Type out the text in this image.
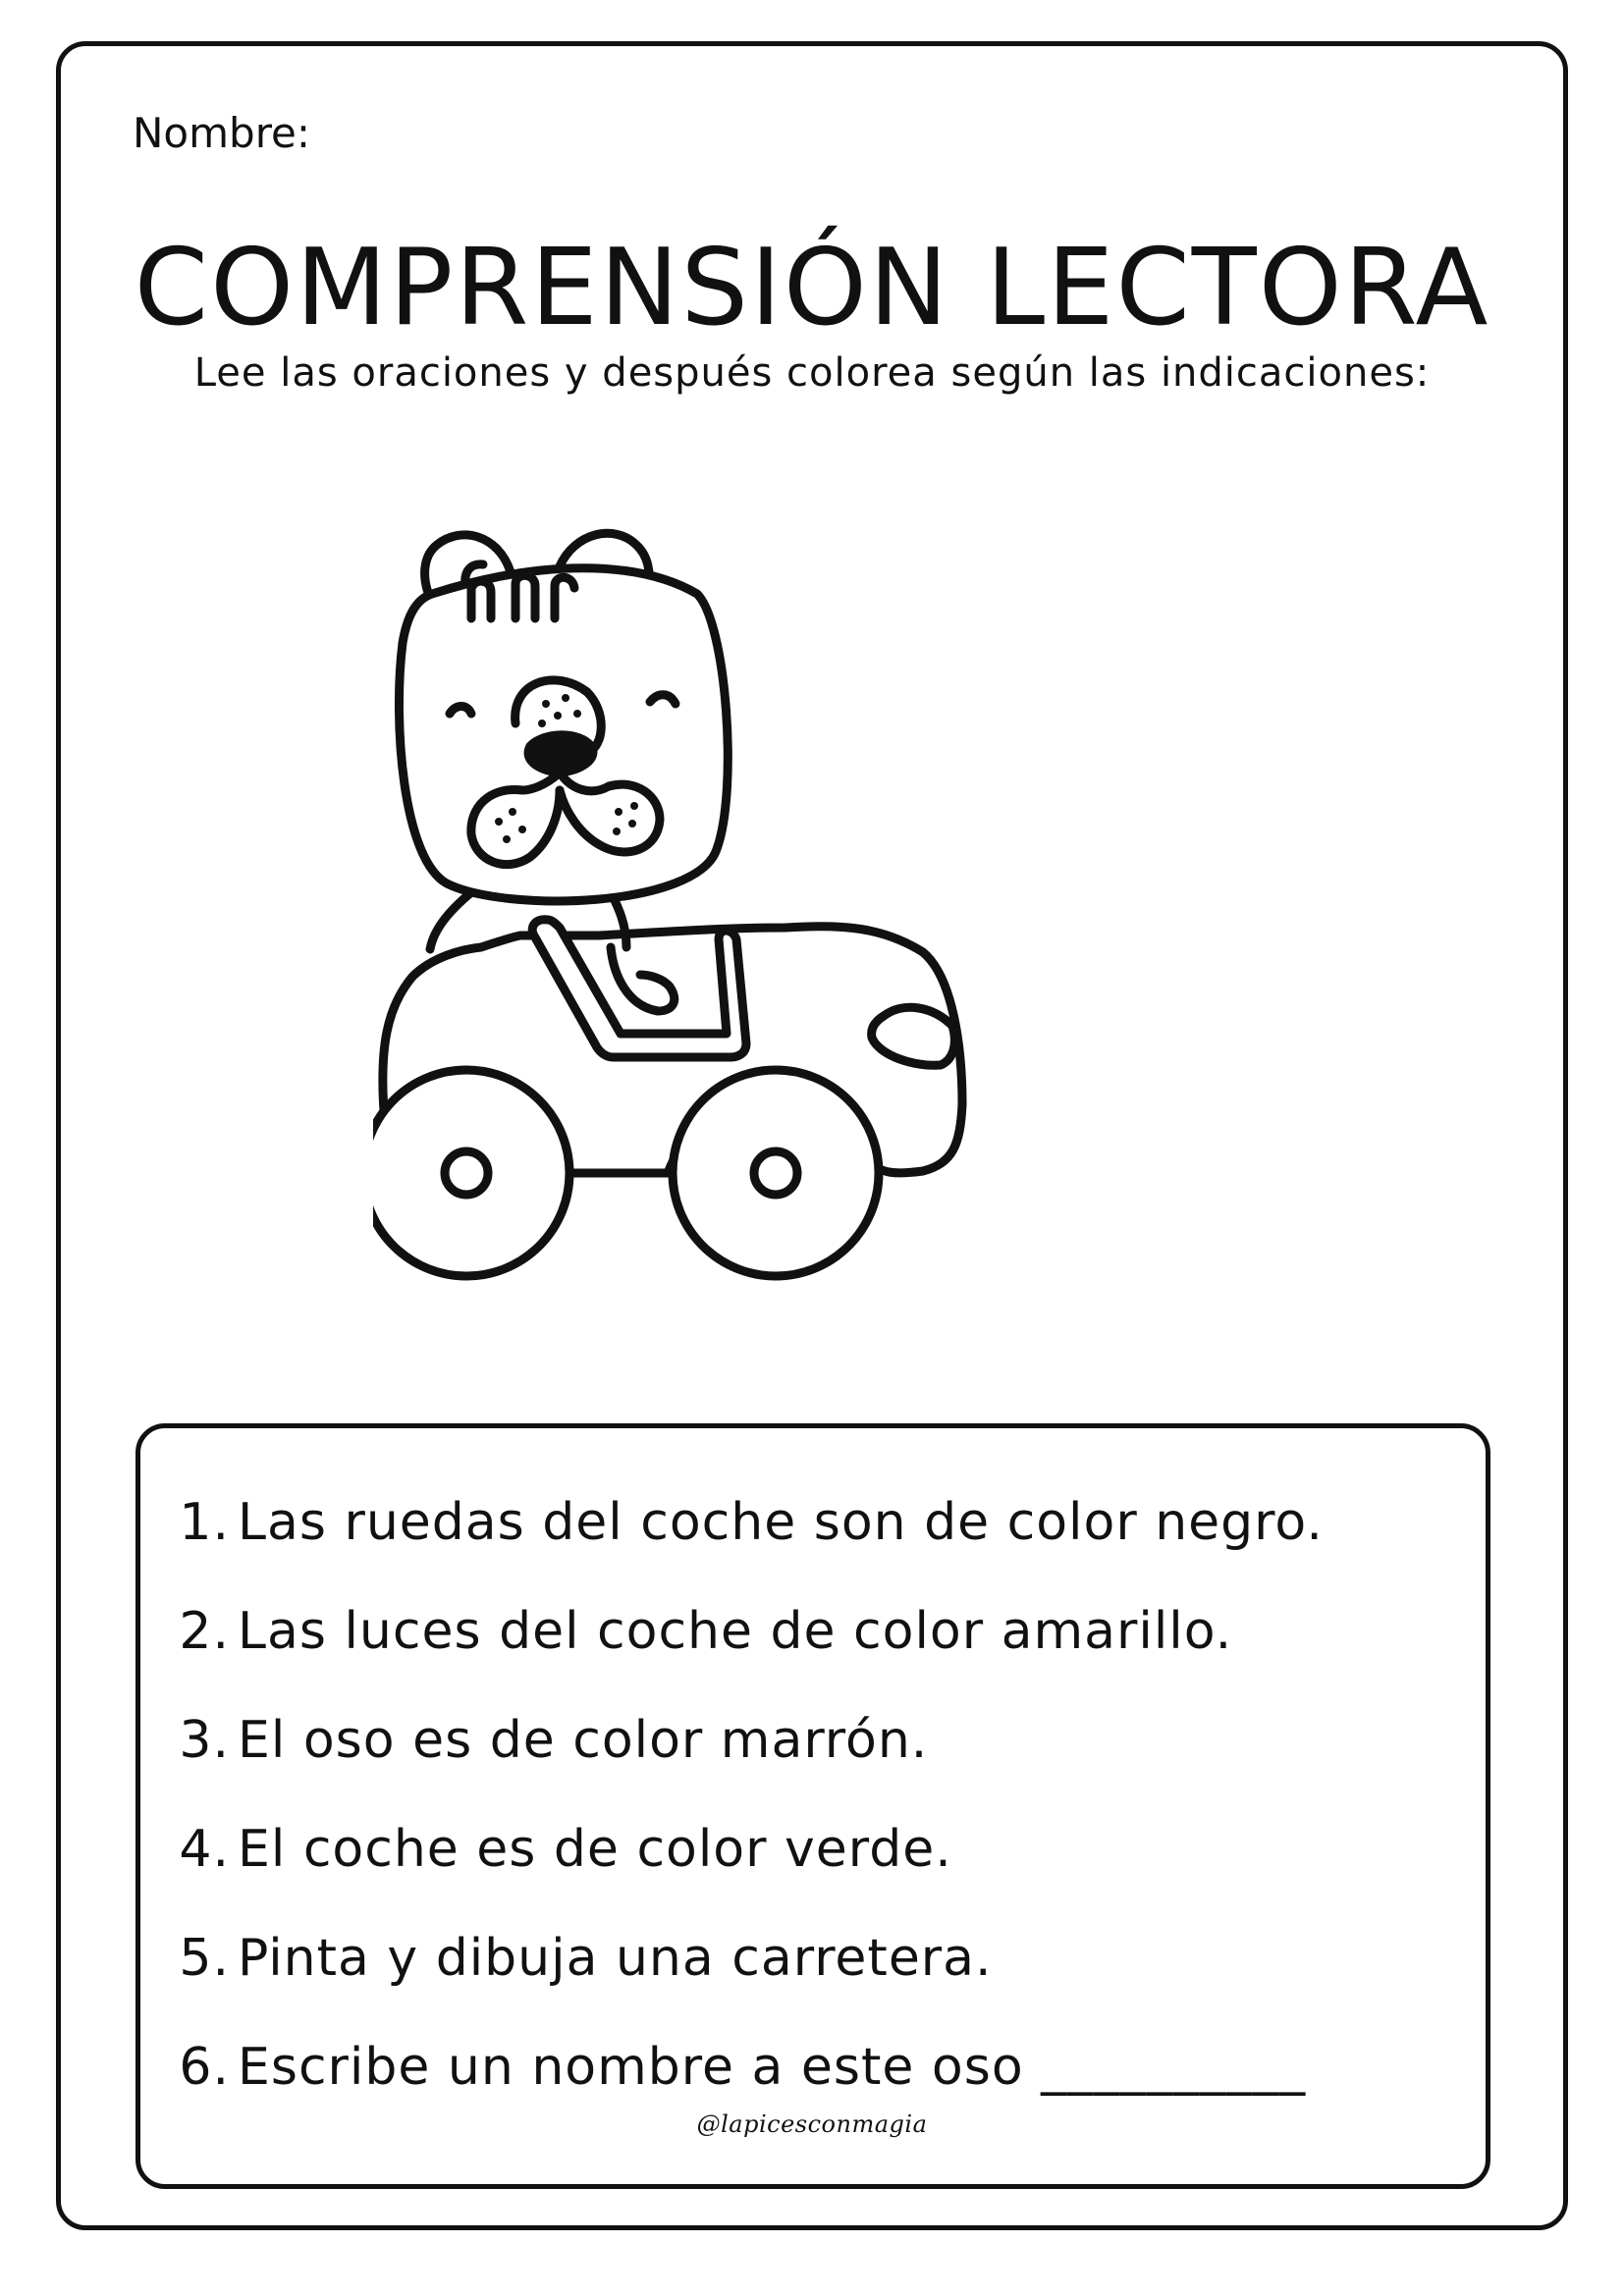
Nombre:
COMPRENSIÓN LECTORA
Lee las oraciones y después colorea según las indicaciones:
1. Las ruedas del coche son de color negro.
2. Las luces del coche de color amarillo.
3. El oso es de color marrón.
4. El coche es de color verde.
5. Pinta y dibuja una carretera.
6. Escribe un nombre a este oso __________
@lapicesconmagia
